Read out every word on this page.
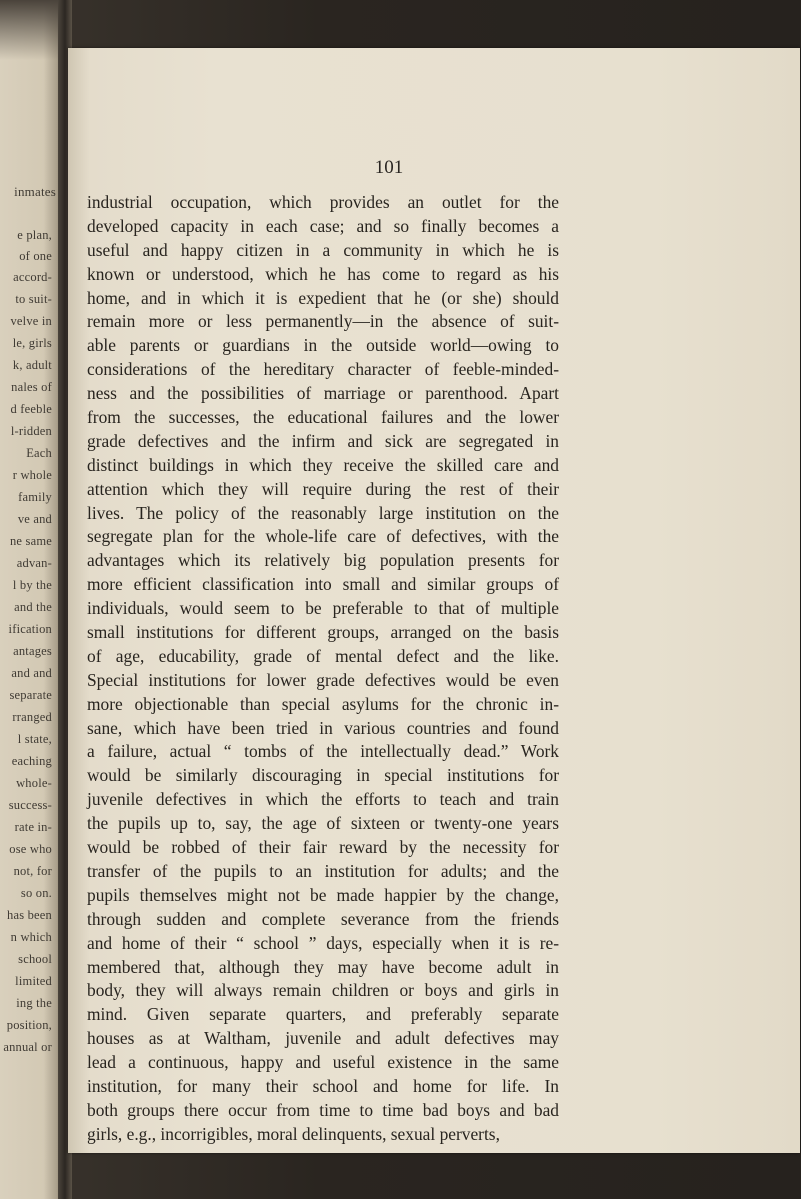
inmates
e plan,
of one
accord-
to suit-
velve in
le, girls
k, adult
nales of
d feeble
l-ridden
Each
r whole
family
ve and
ne same
advan-
l by the
and the
ification
antages
and and
separate
rranged
l state,
eaching
whole-
success-
rate in-
ose who
not, for
so on.
has been
n which
school
limited
ing the
position,
annual or
101
industrial occupation, which provides an outlet for the
developed capacity in each case; and so finally becomes a
useful and happy citizen in a community in which he is
known or understood, which he has come to regard as his
home, and in which it is expedient that he (or she) should
remain more or less permanently—in the absence of suit-
able parents or guardians in the outside world—owing to
considerations of the hereditary character of feeble-minded-
ness and the possibilities of marriage or parenthood. Apart
from the successes, the educational failures and the lower
grade defectives and the infirm and sick are segregated in
distinct buildings in which they receive the skilled care and
attention which they will require during the rest of their
lives. The policy of the reasonably large institution on the
segregate plan for the whole-life care of defectives, with the
advantages which its relatively big population presents for
more efficient classification into small and similar groups of
individuals, would seem to be preferable to that of multiple
small institutions for different groups, arranged on the basis
of age, educability, grade of mental defect and the like.
Special institutions for lower grade defectives would be even
more objectionable than special asylums for the chronic in-
sane, which have been tried in various countries and found
a failure, actual “ tombs of the intellectually dead.” Work
would be similarly discouraging in special institutions for
juvenile defectives in which the efforts to teach and train
the pupils up to, say, the age of sixteen or twenty-one years
would be robbed of their fair reward by the necessity for
transfer of the pupils to an institution for adults; and the
pupils themselves might not be made happier by the change,
through sudden and complete severance from the friends
and home of their “ school ” days, especially when it is re-
membered that, although they may have become adult in
body, they will always remain children or boys and girls in
mind. Given separate quarters, and preferably separate
houses as at Waltham, juvenile and adult defectives may
lead a continuous, happy and useful existence in the same
institution, for many their school and home for life. In
both groups there occur from time to time bad boys and bad
girls, e.g., incorrigibles, moral delinquents, sexual perverts,
